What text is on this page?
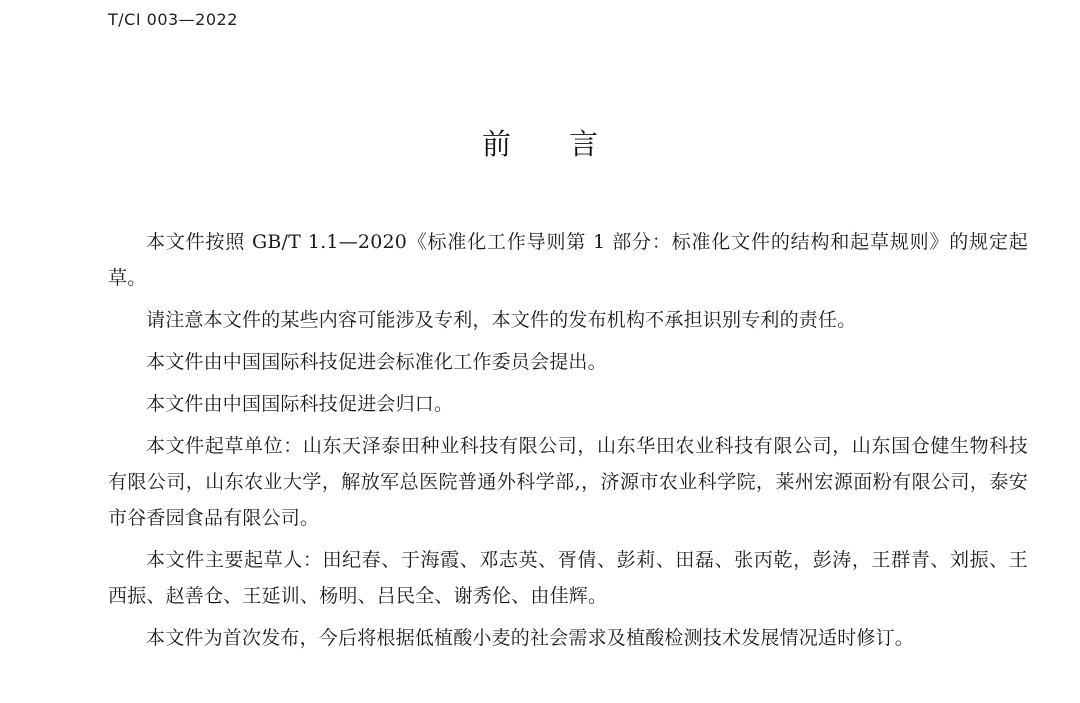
T/CI 003—2022
前言

本文件按照 GB/T 1.1—2020《标准化工作导则第 1 部分：标准化文件的结构和起草规则》的规定起草。

请注意本文件的某些内容可能涉及专利，本文件的发布机构不承担识别专利的责任。

本文件由中国国际科技促进会标准化工作委员会提出。

本文件由中国国际科技促进会归口。

本文件起草单位：山东天泽泰田种业科技有限公司，山东华田农业科技有限公司，山东国仓健生物科技有限公司，山东农业大学，解放军总医院普通外科学部,，济源市农业科学院，莱州宏源面粉有限公司，泰安市谷香园食品有限公司。

本文件主要起草人：田纪春、于海霞、邓志英、胥倩、彭莉、田磊、张丙乾，彭涛，王群青、刘振、王西振、赵善仓、王延训、杨明、吕民全、谢秀伦、由佳辉。

本文件为首次发布，今后将根据低植酸小麦的社会需求及植酸检测技术发展情况适时修订。
